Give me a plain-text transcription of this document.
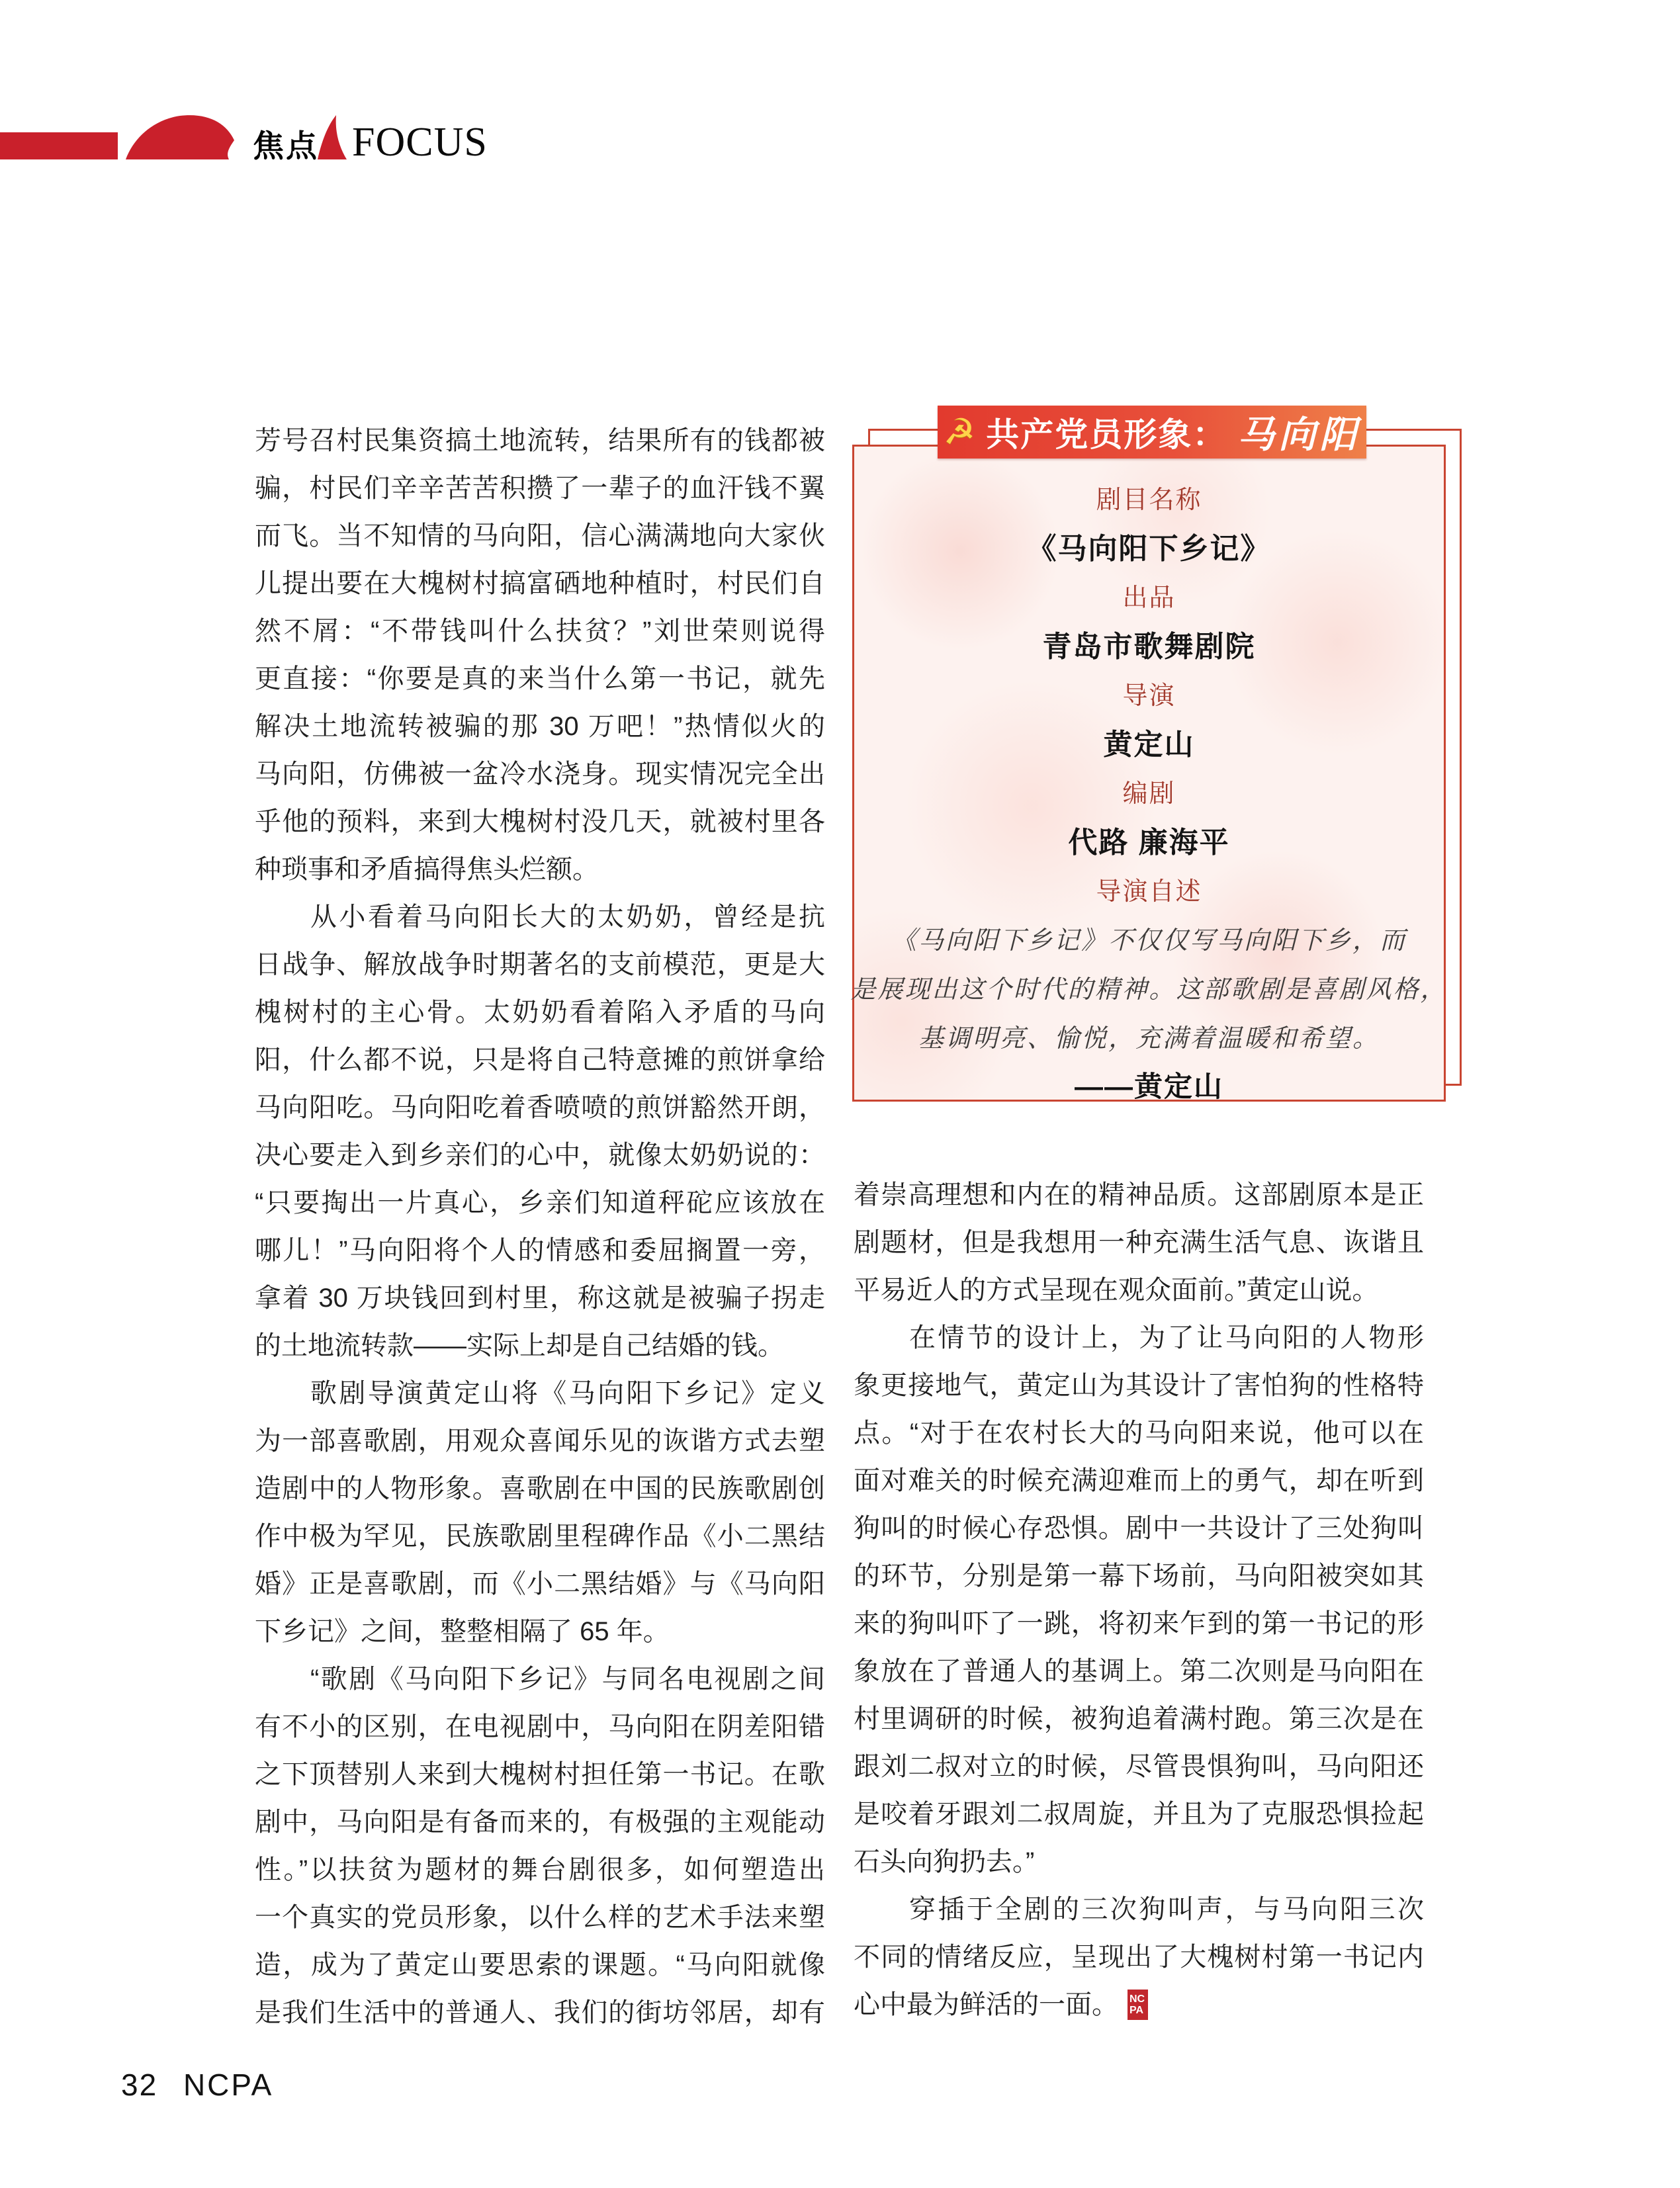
焦点 FOCUS
剧目名称
《马向阳下乡记》
出品
青岛市歌舞剧院
导演
黄定山
编剧
代路 廉海平
导演自述
《马向阳下乡记》不仅仅写马向阳下乡，而
是展现出这个时代的精神。这部歌剧是喜剧风格，
基调明亮、愉悦，充满着温暖和希望。
——黄定山
☭ 共产党员形象： 马向阳
芳号召村民集资搞土地流转，结果所有的钱都被
骗，村民们辛辛苦苦积攒了一辈子的血汗钱不翼
而飞。当不知情的马向阳，信心满满地向大家伙
儿提出要在大槐树村搞富硒地种植时，村民们自
然不屑：“不带钱叫什么扶贫？”刘世荣则说得
更直接：“你要是真的来当什么第一书记，就先
解决土地流转被骗的那 30 万吧！”热情似火的
马向阳，仿佛被一盆冷水浇身。现实情况完全出
乎他的预料，来到大槐树村没几天，就被村里各
种琐事和矛盾搞得焦头烂额。
从小看着马向阳长大的太奶奶，曾经是抗
日战争、解放战争时期著名的支前模范，更是大
槐树村的主心骨。太奶奶看着陷入矛盾的马向
阳，什么都不说，只是将自己特意摊的煎饼拿给
马向阳吃。马向阳吃着香喷喷的煎饼豁然开朗，
决心要走入到乡亲们的心中，就像太奶奶说的：
“只要掏出一片真心，乡亲们知道秤砣应该放在
哪儿！”马向阳将个人的情感和委屈搁置一旁，
拿着 30 万块钱回到村里，称这就是被骗子拐走
的土地流转款——实际上却是自己结婚的钱。
歌剧导演黄定山将《马向阳下乡记》定义
为一部喜歌剧，用观众喜闻乐见的诙谐方式去塑
造剧中的人物形象。喜歌剧在中国的民族歌剧创
作中极为罕见，民族歌剧里程碑作品《小二黑结
婚》正是喜歌剧，而《小二黑结婚》与《马向阳
下乡记》之间，整整相隔了 65 年。
“歌剧《马向阳下乡记》与同名电视剧之间
有不小的区别，在电视剧中，马向阳在阴差阳错
之下顶替别人来到大槐树村担任第一书记。在歌
剧中，马向阳是有备而来的，有极强的主观能动
性。”以扶贫为题材的舞台剧很多，如何塑造出
一个真实的党员形象，以什么样的艺术手法来塑
造，成为了黄定山要思索的课题。“马向阳就像
是我们生活中的普通人、我们的街坊邻居，却有
着崇高理想和内在的精神品质。这部剧原本是正
剧题材，但是我想用一种充满生活气息、诙谐且
平易近人的方式呈现在观众面前。”黄定山说。
在情节的设计上，为了让马向阳的人物形
象更接地气，黄定山为其设计了害怕狗的性格特
点。“对于在农村长大的马向阳来说，他可以在
面对难关的时候充满迎难而上的勇气，却在听到
狗叫的时候心存恐惧。剧中一共设计了三处狗叫
的环节，分别是第一幕下场前，马向阳被突如其
来的狗叫吓了一跳，将初来乍到的第一书记的形
象放在了普通人的基调上。第二次则是马向阳在
村里调研的时候，被狗追着满村跑。第三次是在
跟刘二叔对立的时候，尽管畏惧狗叫，马向阳还
是咬着牙跟刘二叔周旋，并且为了克服恐惧捡起
石头向狗扔去。”
穿插于全剧的三次狗叫声，与马向阳三次
不同的情绪反应，呈现出了大槐树村第一书记内
心中最为鲜活的一面。 NC
PA
32 NCPA
